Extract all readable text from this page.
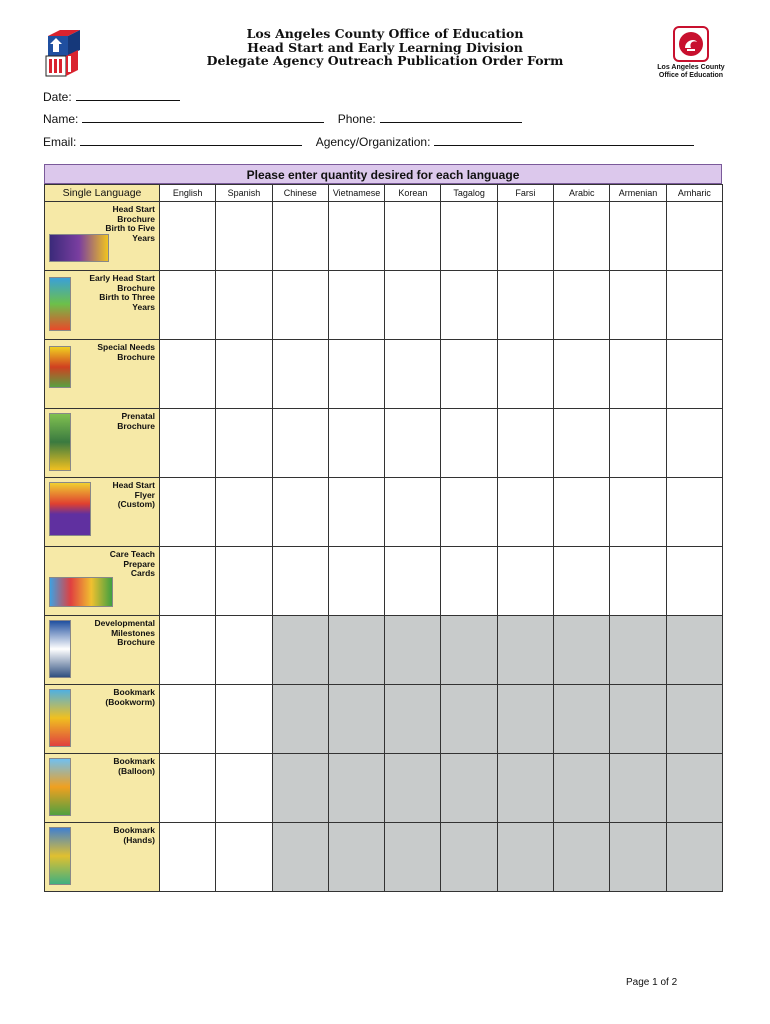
Los Angeles County Office of Education
Head Start and Early Learning Division
Delegate Agency Outreach Publication Order Form	Los Angeles County
Office of Education
Date:
Name:	Phone:
Email:	Agency/Organization:
Please enter quantity desired for each language
Single Language	English	Spanish	Chinese	Vietnamese	Korean	Tagalog	Farsi	Arabic	Armenian	Amharic

Head Start
Brochure
Birth to Five
Years										

Early Head Start
Brochure
Birth to Three
Years										

Special Needs
Brochure										

Prenatal
Brochure										

Head Start
Flyer
(Custom)										

Care Teach
Prepare
Cards										

Developmental
Milestones
Brochure										

Bookmark
(Bookworm)										

Bookmark
(Balloon)										

Bookmark
(Hands)										

Page 1 of 2
